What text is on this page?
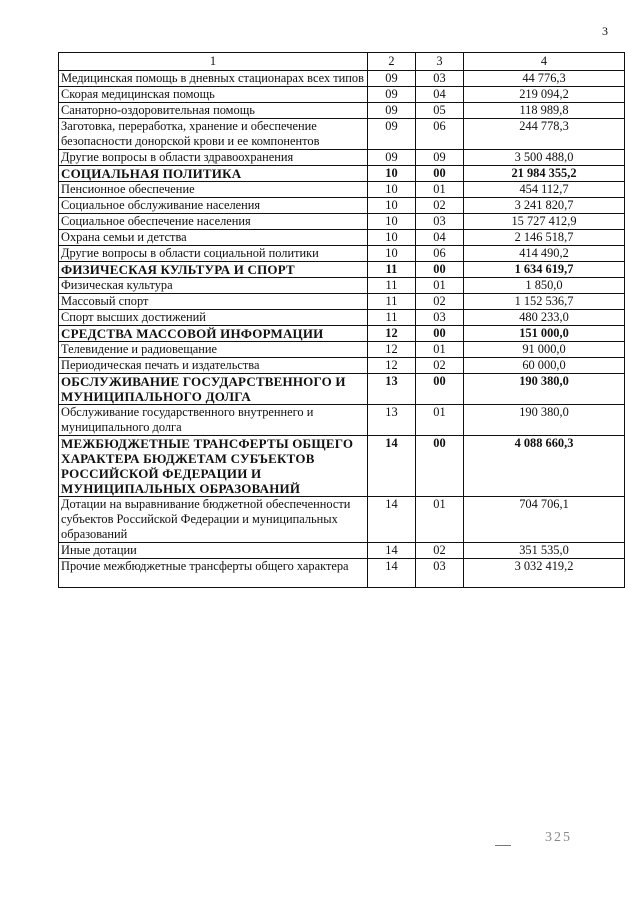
3
1	2	3	4
Медицинская помощь в дневных стационарах всех типов	09	03	44 776,3
Скорая медицинская помощь	09	04	219 094,2
Санаторно-оздоровительная помощь	09	05	118 989,8
Заготовка, переработка, хранение и обеспечение безопасности донорской крови и ее компонентов	09	06	244 778,3
Другие вопросы в области здравоохранения	09	09	3 500 488,0
СОЦИАЛЬНАЯ ПОЛИТИКА	10	00	21 984 355,2
Пенсионное обеспечение	10	01	454 112,7
Социальное обслуживание населения	10	02	3 241 820,7
Социальное обеспечение населения	10	03	15 727 412,9
Охрана семьи и детства	10	04	2 146 518,7
Другие вопросы в области социальной политики	10	06	414 490,2
ФИЗИЧЕСКАЯ КУЛЬТУРА И СПОРТ	11	00	1 634 619,7
Физическая культура	11	01	1 850,0
Массовый спорт	11	02	1 152 536,7
Спорт высших достижений	11	03	480 233,0
СРЕДСТВА МАССОВОЙ ИНФОРМАЦИИ	12	00	151 000,0
Телевидение и радиовещание	12	01	91 000,0
Периодическая печать и издательства	12	02	60 000,0
ОБСЛУЖИВАНИЕ ГОСУДАРСТВЕННОГО И МУНИЦИПАЛЬНОГО ДОЛГА	13	00	190 380,0
Обслуживание государственного внутреннего и муниципального долга	13	01	190 380,0
МЕЖБЮДЖЕТНЫЕ ТРАНСФЕРТЫ ОБЩЕГО ХАРАКТЕРА БЮДЖЕТАМ СУБЪЕКТОВ РОССИЙСКОЙ ФЕДЕРАЦИИ И МУНИЦИПАЛЬНЫХ ОБРАЗОВАНИЙ	14	00	4 088 660,3
Дотации на выравнивание бюджетной обеспеченности субъектов Российской Федерации и муниципальных образований	14	01	704 706,1
Иные дотации	14	02	351 535,0
Прочие межбюджетные трансферты общего характера	14	03	3 032 419,2
325
